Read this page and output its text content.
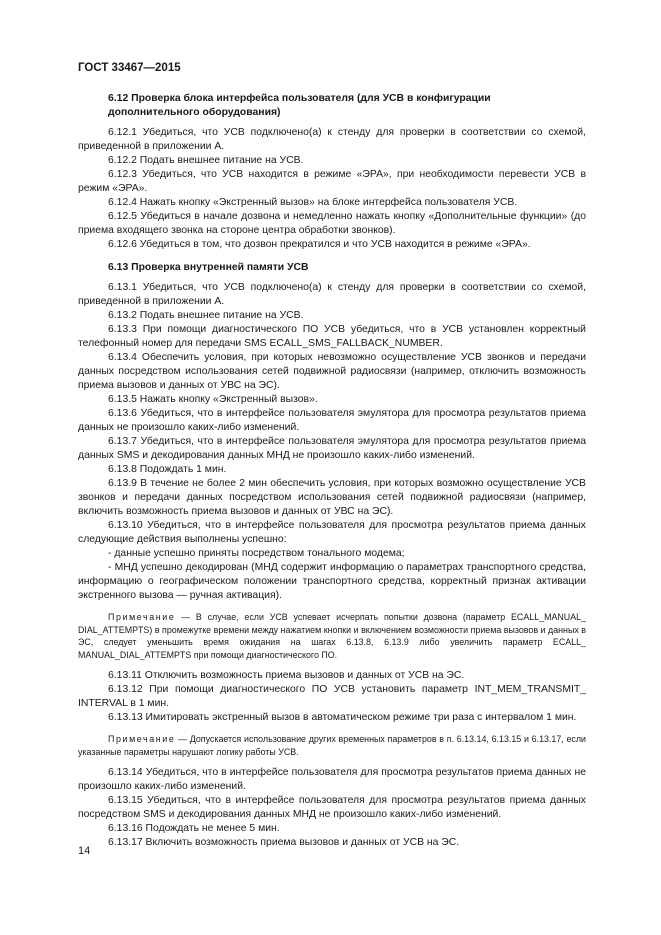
ГОСТ 33467—2015
6.12 Проверка блока интерфейса пользователя (для УСВ в конфигурации
дополнительного оборудования)

6.12.1 Убедиться, что УСВ подключено(а) к стенду для проверки в соответствии со схемой, приведенной в приложении А.

6.12.2 Подать внешнее питание на УСВ.

6.12.3 Убедиться, что УСВ находится в режиме «ЭРА», при необходимости перевести УСВ в режим «ЭРА».

6.12.4 Нажать кнопку «Экстренный вызов» на блоке интерфейса пользователя УСВ.

6.12.5 Убедиться в начале дозвона и немедленно нажать кнопку «Дополнительные функции» (до приема входящего звонка на стороне центра обработки звонков).

6.12.6 Убедиться в том, что дозвон прекратился и что УСВ находится в режиме «ЭРА».

6.13 Проверка внутренней памяти УСВ

6.13.1 Убедиться, что УСВ подключено(а) к стенду для проверки в соответствии со схемой, приведенной в приложении А.

6.13.2 Подать внешнее питание на УСВ.

6.13.3 При помощи диагностического ПО УСВ убедиться, что в УСВ установлен корректный телефонный номер для передачи SMS ECALL_SMS_FALLBACK_NUMBER.

6.13.4 Обеспечить условия, при которых невозможно осуществление УСВ звонков и передачи данных посредством использования сетей подвижной радиосвязи (например, отключить возможность приема вызовов и данных от УВС на ЭС).

6.13.5 Нажать кнопку «Экстренный вызов».

6.13.6 Убедиться, что в интерфейсе пользователя эмулятора для просмотра результатов приема данных не произошло каких-либо изменений.

6.13.7 Убедиться, что в интерфейсе пользователя эмулятора для просмотра результатов приема данных SMS и декодирования данных МНД не произошло каких-либо изменений.

6.13.8 Подождать 1 мин.

6.13.9 В течение не более 2 мин обеспечить условия, при которых возможно осуществление УСВ звонков и передачи данных посредством использования сетей подвижной радиосвязи (например, включить возможность приема вызовов и данных от УВС на ЭС).

6.13.10 Убедиться, что в интерфейсе пользователя для просмотра результатов приема данных следующие действия выполнены успешно:

- данные успешно приняты посредством тонального модема;

- МНД успешно декодирован (МНД содержит информацию о параметрах транспортного средства, информацию о географическом положении транспортного средства, корректный признак активации экстренного вызова — ручная активация).

Примечание — В случае, если УСВ успевает исчерпать попытки дозвона (параметр ECALL_MANUAL_ DIAL_ATTEMPTS) в промежутке времени между нажатием кнопки и включением возможности приема вызовов и данных в ЭС, следует уменьшить время ожидания на шагах 6.13.8, 6.13.9 либо увеличить параметр ECALL_ MANUAL_DIAL_ATTEMPTS при помощи диагностического ПО.

6.13.11 Отключить возможность приема вызовов и данных от УСВ на ЭС.

6.13.12 При помощи диагностического ПО УСВ установить параметр INT_MEM_TRANSMIT_ INTERVAL в 1 мин.

6.13.13 Имитировать экстренный вызов в автоматическом режиме три раза с интервалом 1 мин.

Примечание — Допускается использование других временных параметров в п. 6.13.14, 6.13.15 и 6.13.17, если указанные параметры нарушают логику работы УСВ.

6.13.14 Убедиться, что в интерфейсе пользователя для просмотра результатов приема данных не произошло каких-либо изменений.

6.13.15 Убедиться, что в интерфейсе пользователя для просмотра результатов приема данных посредством SMS и декодирования данных МНД не произошло каких-либо изменений.

6.13.16 Подождать не менее 5 мин.

6.13.17 Включить возможность приема вызовов и данных от УСВ на ЭС.

14
